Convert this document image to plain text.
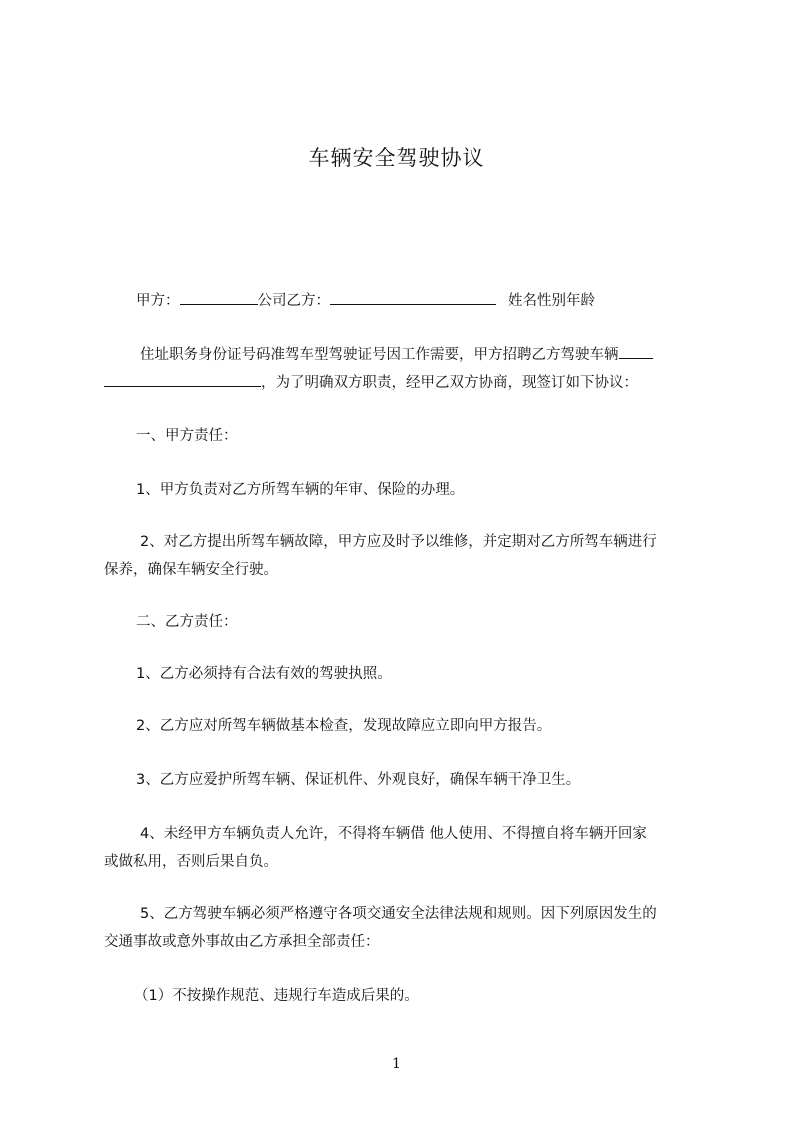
车辆安全驾驶协议
甲方：	公司乙方：	姓名性别年龄
住址职务身份证号码准驾车型驾驶证号因工作需要，甲方招聘乙方驾驶车辆
，为了明确双方职责，经甲乙双方协商，现签订如下协议：
一、甲方责任：
1、甲方负责对乙方所驾车辆的年审、保险的办理。
2、对乙方提出所驾车辆故障，甲方应及时予以维修，并定期对乙方所驾车辆进行
保养，确保车辆安全行驶。
二、乙方责任：
1、乙方必须持有合法有效的驾驶执照。
2、乙方应对所驾车辆做基本检查，发现故障应立即向甲方报告。
3、乙方应爱护所驾车辆、保证机件、外观良好，确保车辆干净卫生。
4、未经甲方车辆负责人允许，不得将车辆借 他人使用、不得擅自将车辆开回家
或做私用，否则后果自负。
5、乙方驾驶车辆必须严格遵守各项交通安全法律法规和规则。因下列原因发生的
交通事故或意外事故由乙方承担全部责任：
（1）不按操作规范、违规行车造成后果的。
1
